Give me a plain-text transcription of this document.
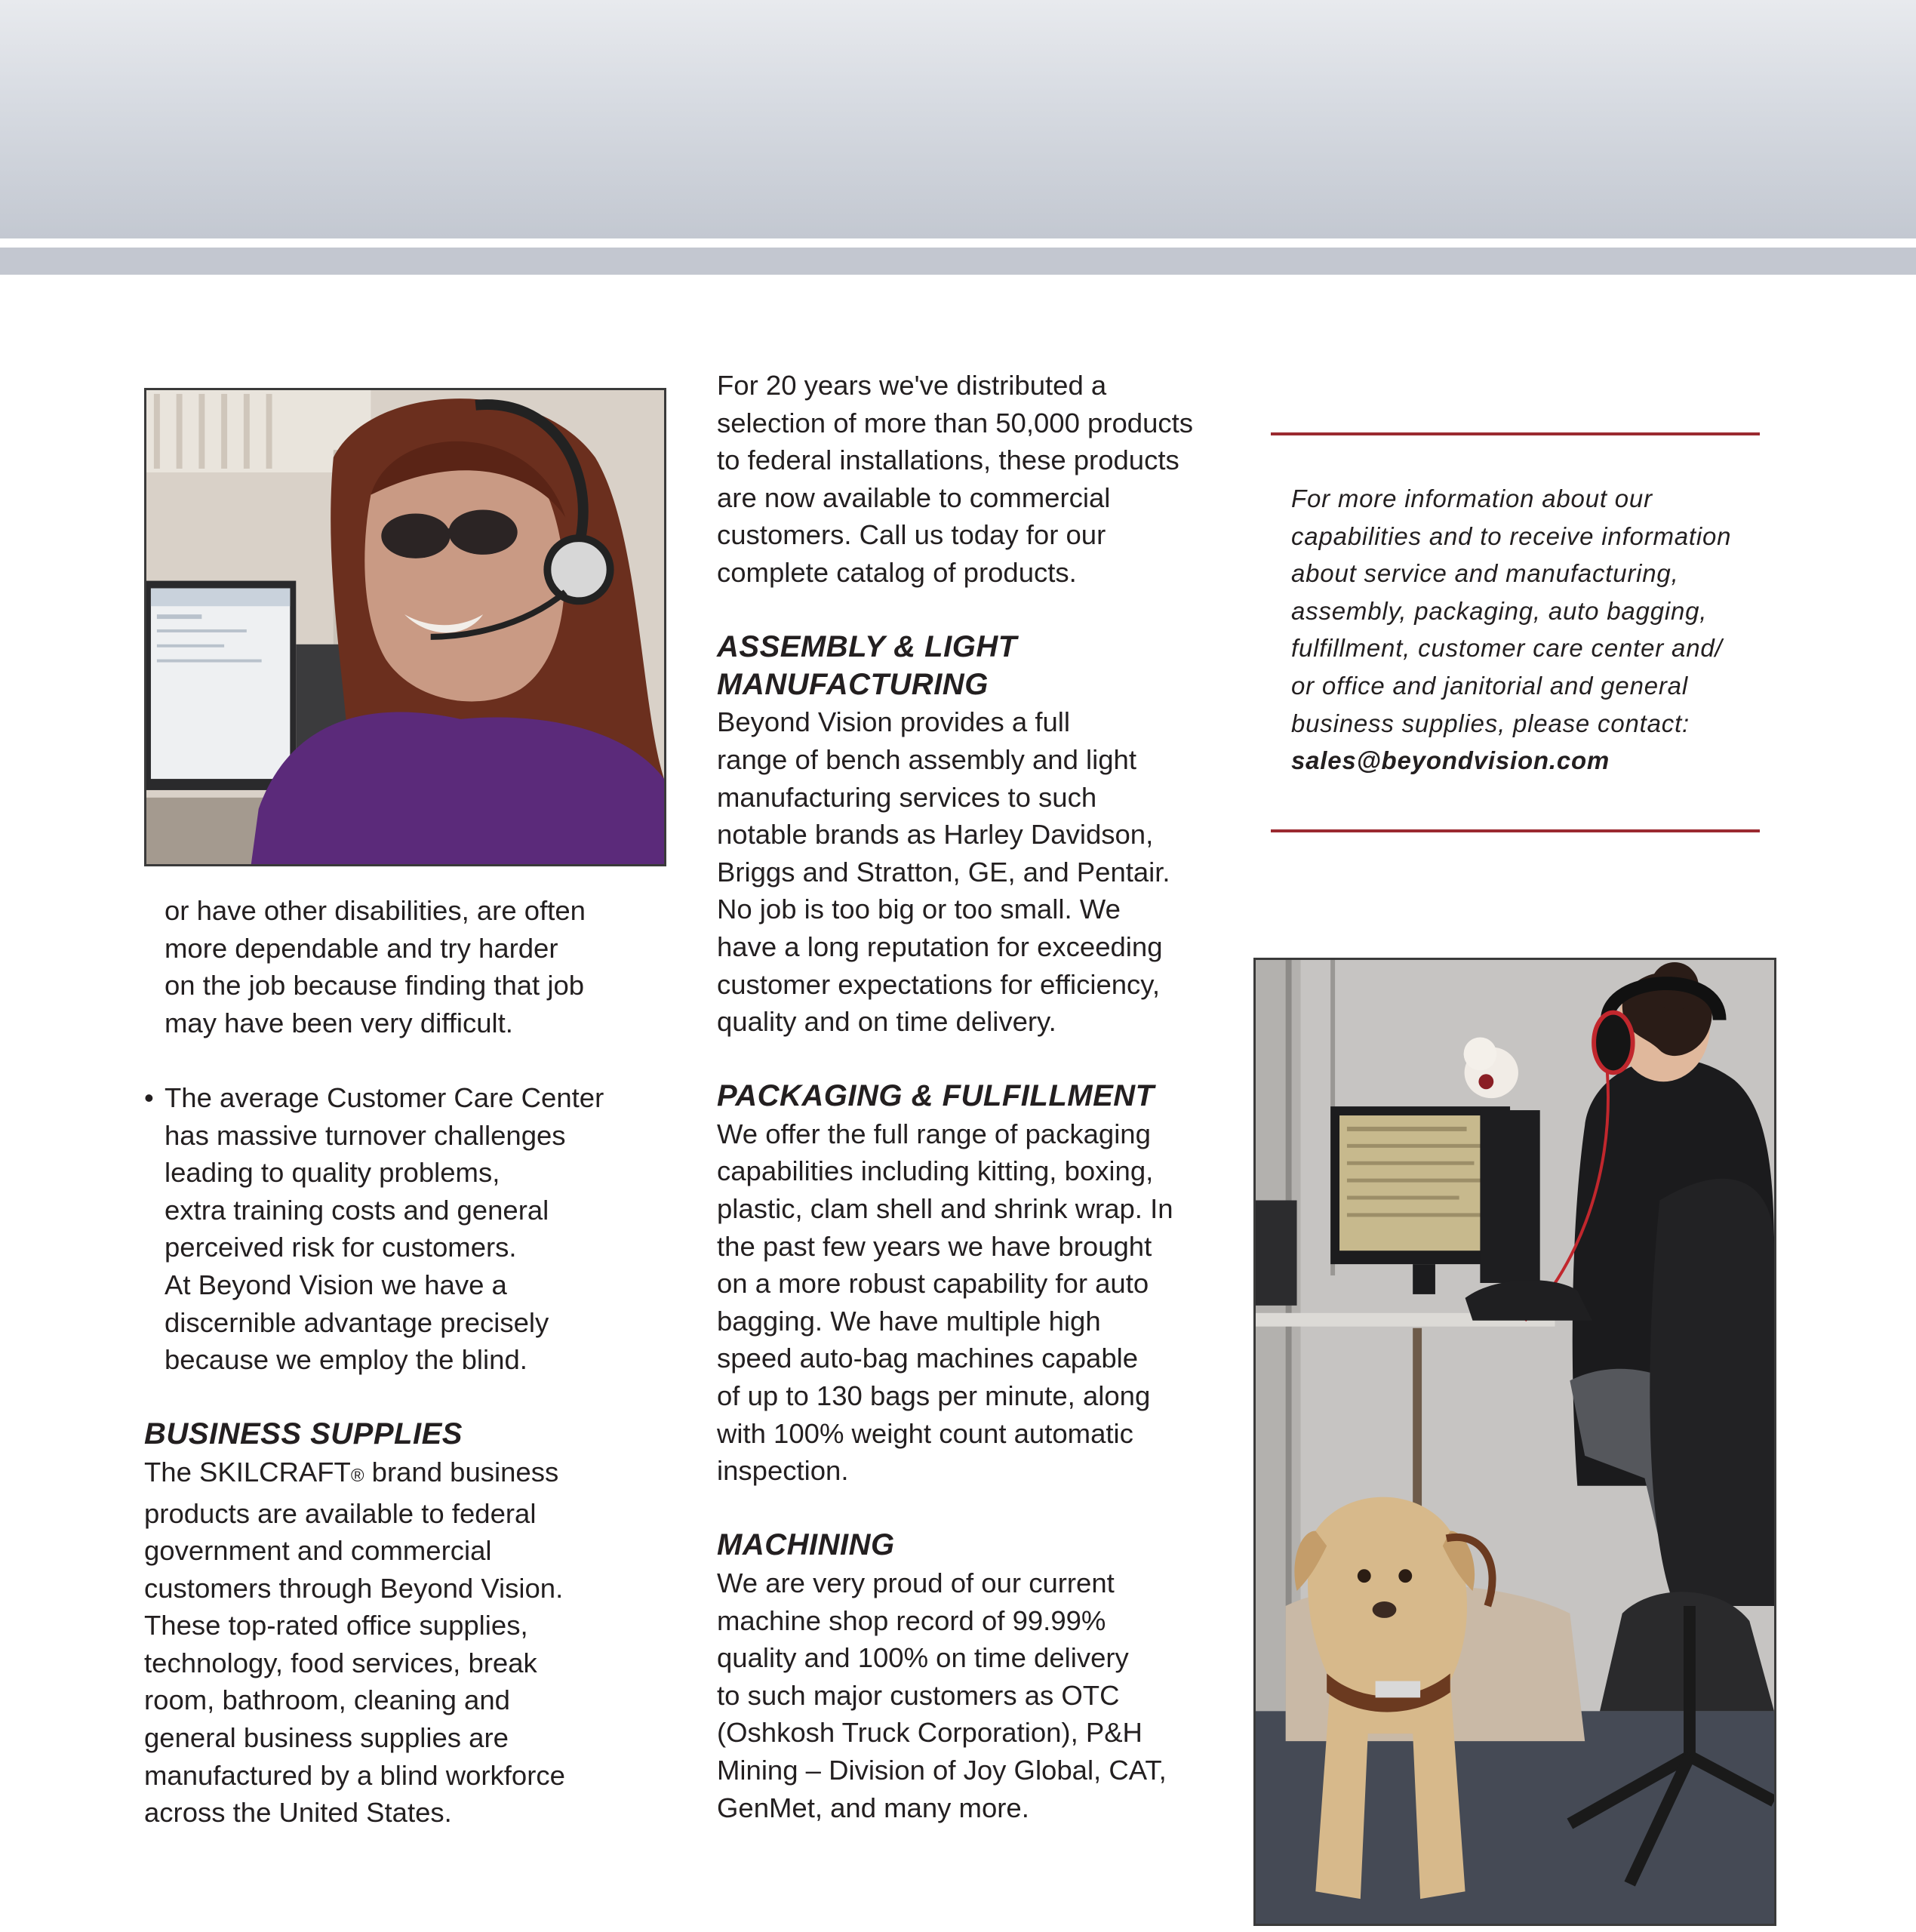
or have other disabilities, are often

more dependable and try harder

on the job because finding that job

may have been very difficult.

• The average Customer Care Center

has massive turnover challenges

leading to quality problems,

extra training costs and general

perceived risk for customers.

At Beyond Vision we have a

discernible advantage precisely

because we employ the blind.

BUSINESS SUPPLIES

The SKILCRAFT® brand business

products are available to federal

government and commercial

customers through Beyond Vision.

These top-rated office supplies,

technology, food services, break

room, bathroom, cleaning and

general business supplies are

manufactured by a blind workforce

across the United States.

For 20 years we've distributed a

selection of more than 50,000 products

to federal installations, these products

are now available to commercial

customers. Call us today for our

complete catalog of products.

ASSEMBLY & LIGHT
MANUFACTURING

Beyond Vision provides a full

range of bench assembly and light

manufacturing services to such

notable brands as Harley Davidson,

Briggs and Stratton, GE, and Pentair.

No job is too big or too small. We

have a long reputation for exceeding

customer expectations for efficiency,

quality and on time delivery.

PACKAGING & FULFILLMENT

We offer the full range of packaging

capabilities including kitting, boxing,

plastic, clam shell and shrink wrap. In

the past few years we have brought

on a more robust capability for auto

bagging. We have multiple high

speed auto-bag machines capable

of up to 130 bags per minute, along

with 100% weight count automatic

inspection.

MACHINING

We are very proud of our current

machine shop record of 99.99%

quality and 100% on time delivery

to such major customers as OTC

(Oshkosh Truck Corporation), P&H

Mining – Division of Joy Global, CAT,

GenMet, and many more.

For more information about our

capabilities and to receive information

about service and manufacturing,

assembly, packaging, auto bagging,

fulfillment, customer care center and/

or office and janitorial and general

business supplies, please contact:

sales@beyondvision.com
